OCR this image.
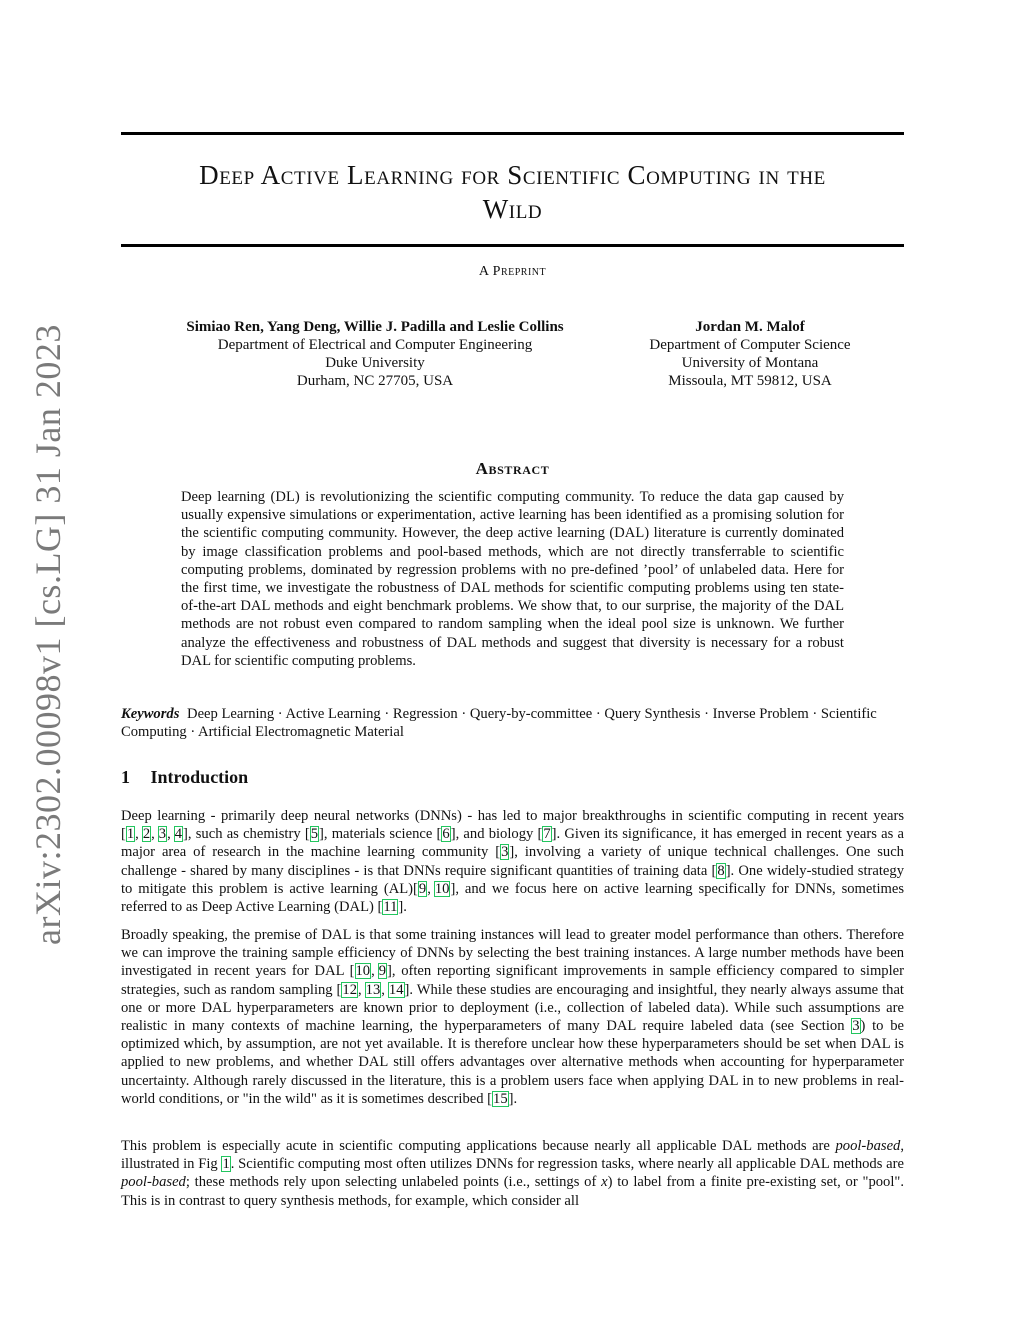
arXiv:2302.00098v1 [cs.LG] 31 Jan 2023
Deep Active Learning for Scientific Computing in the
Wild
A Preprint
Simiao Ren, Yang Deng, Willie J. Padilla and Leslie Collins
Department of Electrical and Computer Engineering
Duke University
Durham, NC 27705, USA
Jordan M. Malof
Department of Computer Science
University of Montana
Missoula, MT 59812, USA
Abstract
Deep learning (DL) is revolutionizing the scientific computing community. To reduce the data gap caused by usually expensive simulations or experimentation, active learning has been identified as a promising solution for the scientific computing community. However, the deep active learning (DAL) literature is currently dominated by image classification problems and pool-based methods, which are not directly transferrable to scientific computing problems, dominated by regression problems with no pre-defined ’pool’ of unlabeled data. Here for the first time, we investigate the robustness of DAL methods for scientific computing problems using ten state-of-the-art DAL methods and eight benchmark problems. We show that, to our surprise, the majority of the DAL methods are not robust even compared to random sampling when the ideal pool size is unknown. We further analyze the effectiveness and robustness of DAL methods and suggest that diversity is necessary for a robust DAL for scientific computing problems.
Keywords Deep Learning · Active Learning · Regression · Query-by-committee · Query Synthesis · Inverse Problem · Scientific Computing · Artificial Electromagnetic Material
1 Introduction
Deep learning - primarily deep neural networks (DNNs) - has led to major breakthroughs in scientific computing in recent years [1, 2, 3, 4], such as chemistry [5], materials science [6], and biology [7]. Given its significance, it has emerged in recent years as a major area of research in the machine learning community [3], involving a variety of unique technical challenges. One such challenge - shared by many disciplines - is that DNNs require significant quantities of training data [8]. One widely-studied strategy to mitigate this problem is active learning (AL)[9, 10], and we focus here on active learning specifically for DNNs, sometimes referred to as Deep Active Learning (DAL) [11].
Broadly speaking, the premise of DAL is that some training instances will lead to greater model performance than others. Therefore we can improve the training sample efficiency of DNNs by selecting the best training instances. A large number methods have been investigated in recent years for DAL [10, 9], often reporting significant improvements in sample efficiency compared to simpler strategies, such as random sampling [12, 13, 14]. While these studies are encouraging and insightful, they nearly always assume that one or more DAL hyperparameters are known prior to deployment (i.e., collection of labeled data). While such assumptions are realistic in many contexts of machine learning, the hyperparameters of many DAL require labeled data (see Section 3) to be optimized which, by assumption, are not yet available. It is therefore unclear how these hyperparameters should be set when DAL is applied to new problems, and whether DAL still offers advantages over alternative methods when accounting for hyperparameter uncertainty. Although rarely discussed in the literature, this is a problem users face when applying DAL in to new problems in real-world conditions, or "in the wild" as it is sometimes described [15].
This problem is especially acute in scientific computing applications because nearly all applicable DAL methods are pool-based, illustrated in Fig 1. Scientific computing most often utilizes DNNs for regression tasks, where nearly all applicable DAL methods are pool-based; these methods rely upon selecting unlabeled points (i.e., settings of x) to label from a finite pre-existing set, or "pool". This is in contrast to query synthesis methods, for example, which consider all
